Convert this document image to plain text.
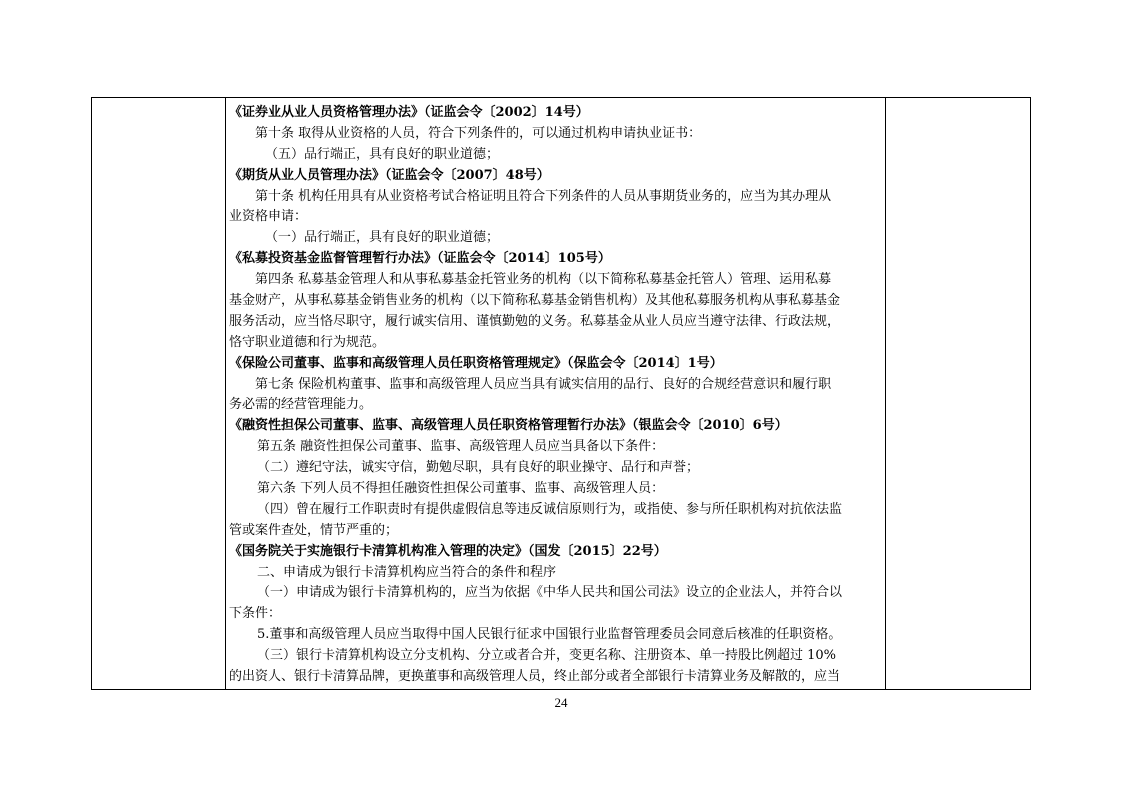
《证券业从业人员资格管理办法》（证监会令〔2002〕14号）
第十条 取得从业资格的人员，符合下列条件的，可以通过机构申请执业证书：
（五）品行端正，具有良好的职业道德；
《期货从业人员管理办法》（证监会令〔2007〕48号）
第十条 机构任用具有从业资格考试合格证明且符合下列条件的人员从事期货业务的，应当为其办理从
业资格申请：
（一）品行端正，具有良好的职业道德；
《私募投资基金监督管理暂行办法》（证监会令〔2014〕105号）
第四条 私募基金管理人和从事私募基金托管业务的机构（以下简称私募基金托管人）管理、运用私募
基金财产，从事私募基金销售业务的机构（以下简称私募基金销售机构）及其他私募服务机构从事私募基金
服务活动，应当恪尽职守，履行诚实信用、谨慎勤勉的义务。私募基金从业人员应当遵守法律、行政法规，
恪守职业道德和行为规范。
《保险公司董事、监事和高级管理人员任职资格管理规定》（保监会令〔2014〕1号）
第七条 保险机构董事、监事和高级管理人员应当具有诚实信用的品行、良好的合规经营意识和履行职
务必需的经营管理能力。
《融资性担保公司董事、监事、高级管理人员任职资格管理暂行办法》（银监会令〔2010〕6号）
第五条 融资性担保公司董事、监事、高级管理人员应当具备以下条件：
（二）遵纪守法，诚实守信，勤勉尽职，具有良好的职业操守、品行和声誉；
第六条 下列人员不得担任融资性担保公司董事、监事、高级管理人员：
（四）曾在履行工作职责时有提供虚假信息等违反诚信原则行为，或指使、参与所任职机构对抗依法监
管或案件查处，情节严重的；
《国务院关于实施银行卡清算机构准入管理的决定》（国发〔2015〕22号）
二、申请成为银行卡清算机构应当符合的条件和程序
（一）申请成为银行卡清算机构的，应当为依据《中华人民共和国公司法》设立的企业法人，并符合以
下条件：
5.董事和高级管理人员应当取得中国人民银行征求中国银行业监督管理委员会同意后核准的任职资格。
（三）银行卡清算机构设立分支机构、分立或者合并，变更名称、注册资本、单一持股比例超过 10%
的出资人、银行卡清算品牌，更换董事和高级管理人员，终止部分或者全部银行卡清算业务及解散的，应当
24
